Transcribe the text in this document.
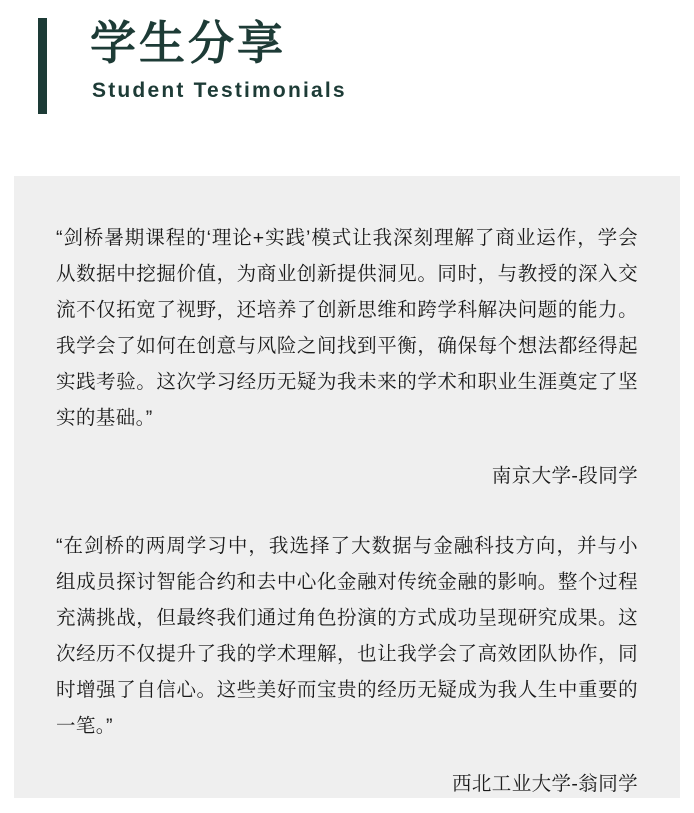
学生分享
Student Testimonials

“剑桥暑期课程的‘理论+实践’模式让我深刻理解了商业运作，学会从数据中挖掘价值，为商业创新提供洞见。同时，与教授的深入交流不仅拓宽了视野，还培养了创新思维和跨学科解决问题的能力。我学会了如何在创意与风险之间找到平衡，确保每个想法都经得起实践考验。这次学习经历无疑为我未来的学术和职业生涯奠定了坚实的基础。”

南京大学-段同学

“在剑桥的两周学习中，我选择了大数据与金融科技方向，并与小组成员探讨智能合约和去中心化金融对传统金融的影响。整个过程充满挑战，但最终我们通过角色扮演的方式成功呈现研究成果。这次经历不仅提升了我的学术理解，也让我学会了高效团队协作，同时增强了自信心。这些美好而宝贵的经历无疑成为我人生中重要的一笔。”

西北工业大学-翁同学
